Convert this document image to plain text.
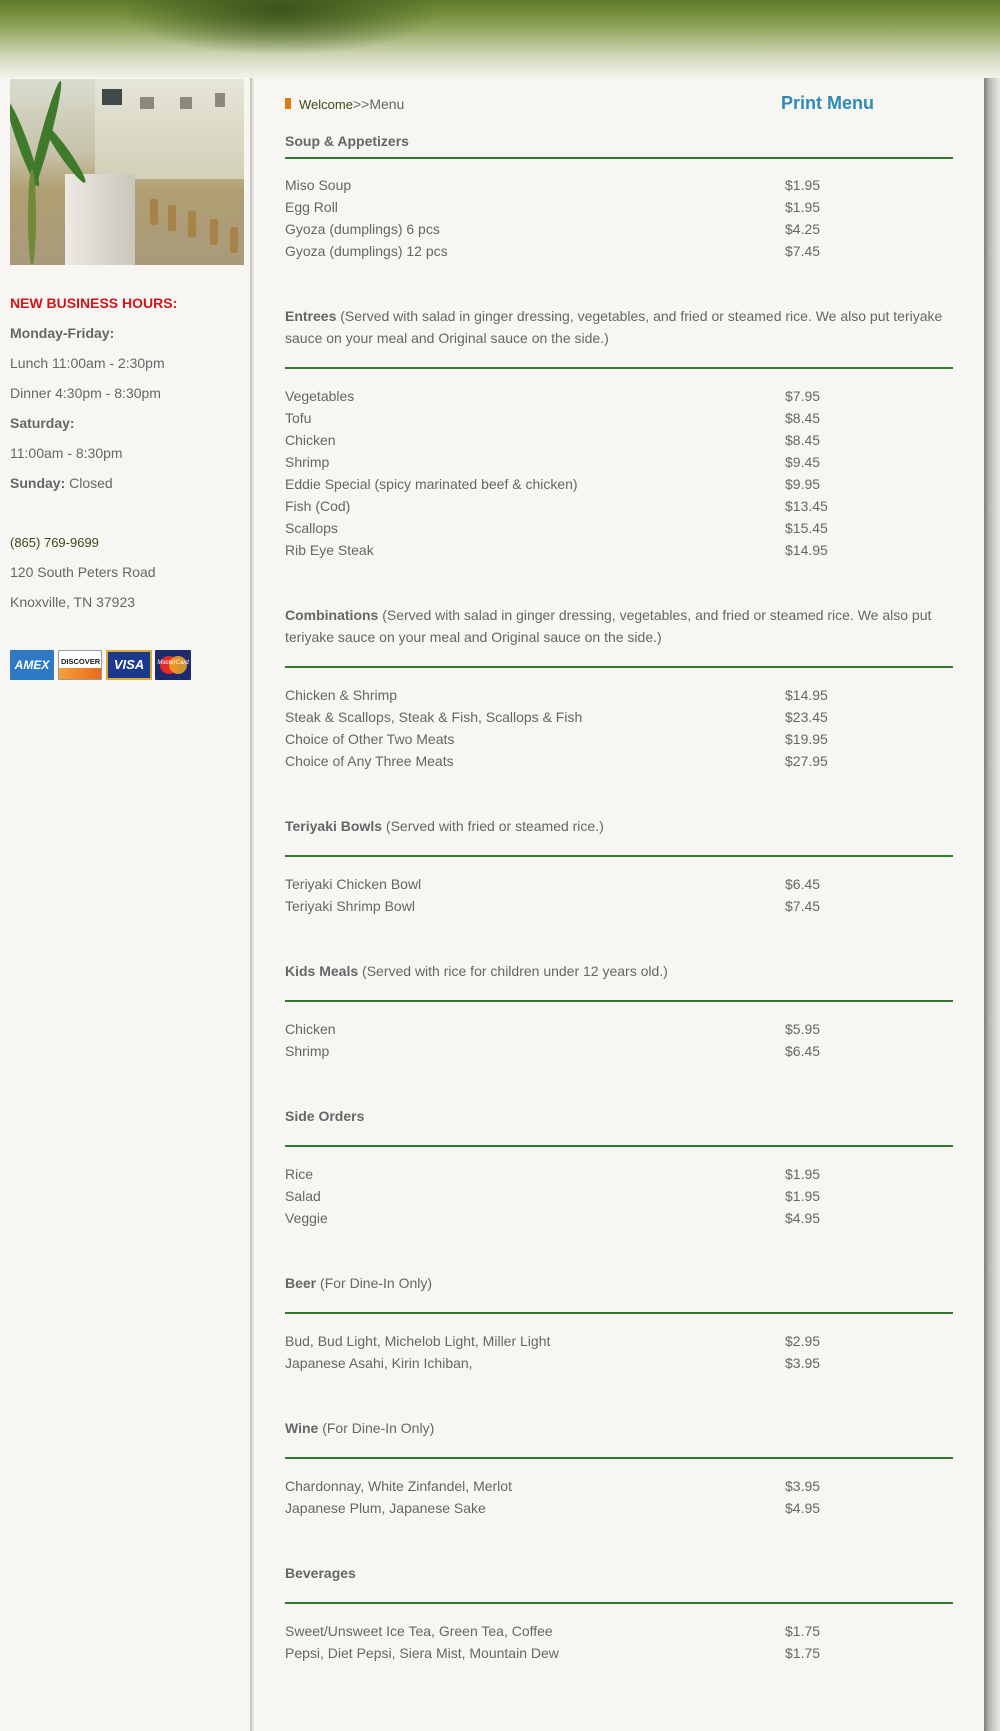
NEW BUSINESS HOURS:

Monday-Friday:

Lunch 11:00am - 2:30pm

Dinner 4:30pm - 8:30pm

Saturday:

11:00am - 8:30pm

Sunday: Closed

(865) 769-9699

120 South Peters Road

Knoxville, TN 37923

AMEX	DISCOVER	VISA	MasterCard
Welcome>>Menu	Print Menu

Soup & Appetizers

Miso Soup	$1.95

Egg Roll	$1.95

Gyoza (dumplings) 6 pcs	$4.25

Gyoza (dumplings) 12 pcs	$7.45

Entrees (Served with salad in ginger dressing, vegetables, and fried or steamed rice. We also put teriyake sauce on your meal and Original sauce on the side.)

Vegetables	$7.95

Tofu	$8.45

Chicken	$8.45

Shrimp	$9.45

Eddie Special (spicy marinated beef & chicken)	$9.95

Fish (Cod)	$13.45

Scallops	$15.45

Rib Eye Steak	$14.95

Combinations (Served with salad in ginger dressing, vegetables, and fried or steamed rice. We also put teriyake sauce on your meal and Original sauce on the side.)

Chicken & Shrimp	$14.95

Steak & Scallops, Steak & Fish, Scallops & Fish	$23.45

Choice of Other Two Meats	$19.95

Choice of Any Three Meats	$27.95

Teriyaki Bowls (Served with fried or steamed rice.)

Teriyaki Chicken Bowl	$6.45

Teriyaki Shrimp Bowl	$7.45

Kids Meals (Served with rice for children under 12 years old.)

Chicken	$5.95

Shrimp	$6.45

Side Orders

Rice	$1.95

Salad	$1.95

Veggie	$4.95

Beer (For Dine-In Only)

Bud, Bud Light, Michelob Light, Miller Light	$2.95

Japanese Asahi, Kirin Ichiban,	$3.95

Wine (For Dine-In Only)

Chardonnay, White Zinfandel, Merlot	$3.95

Japanese Plum, Japanese Sake	$4.95

Beverages

Sweet/Unsweet Ice Tea, Green Tea, Coffee	$1.75

Pepsi, Diet Pepsi, Siera Mist, Mountain Dew	$1.75
